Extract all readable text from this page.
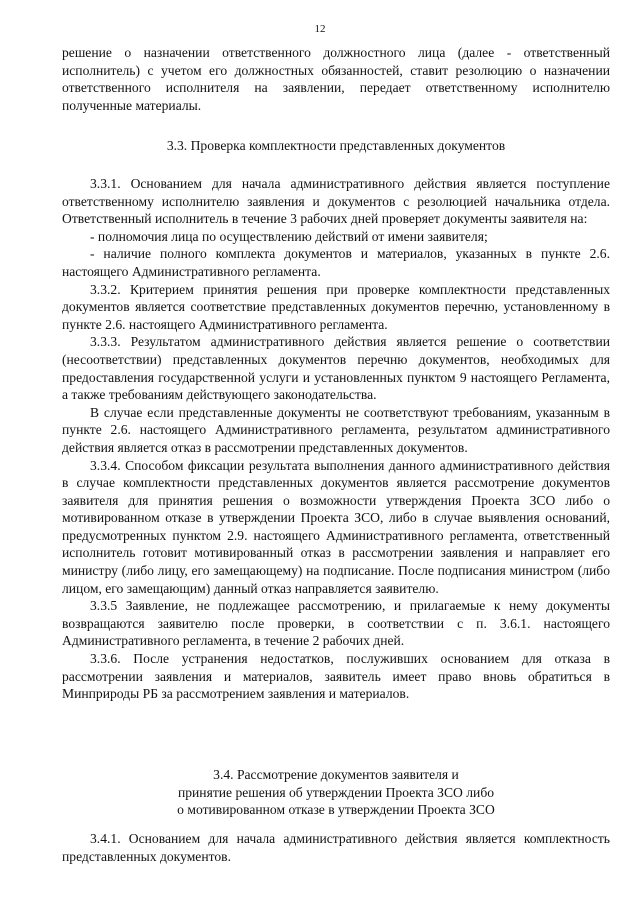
12

решение о назначении ответственного должностного лица (далее - ответственный исполнитель) с учетом его должностных обязанностей, ставит резолюцию о назначении ответственного исполнителя на заявлении, передает ответственному исполнителю полученные материалы.

3.3. Проверка комплектности представленных документов

3.3.1. Основанием для начала административного действия является поступление ответственному исполнителю заявления и документов с резолюцией начальника отдела. Ответственный исполнитель в течение 3 рабочих дней проверяет документы заявителя на:

- полномочия лица по осуществлению действий от имени заявителя;

- наличие полного комплекта документов и материалов, указанных в пункте 2.6. настоящего Административного регламента.

3.3.2. Критерием принятия решения при проверке комплектности представленных документов является соответствие представленных документов перечню, установленному в пункте 2.6. настоящего Административного регламента.

3.3.3. Результатом административного действия является решение о соответствии (несоответствии) представленных документов перечню документов, необходимых для предоставления государственной услуги и установленных пунктом 9 настоящего Регламента, а также требованиям действующего законодательства.

В случае если представленные документы не соответствуют требованиям, указанным в пункте 2.6. настоящего Административного регламента, результатом административного действия является отказ в рассмотрении представленных документов.

3.3.4. Способом фиксации результата выполнения данного административного действия в случае комплектности представленных документов является рассмотрение документов заявителя для принятия решения о возможности утверждения Проекта ЗСО либо о мотивированном отказе в утверждении Проекта ЗСО, либо в случае выявления оснований, предусмотренных пунктом 2.9. настоящего Административного регламента, ответственный исполнитель готовит мотивированный отказ в рассмотрении заявления и направляет его министру (либо лицу, его замещающему) на подписание. После подписания министром (либо лицом, его замещающим) данный отказ направляется заявителю.

3.3.5 Заявление, не подлежащее рассмотрению, и прилагаемые к нему документы возвращаются заявителю после проверки, в соответствии с п. 3.6.1. настоящего Административного регламента, в течение 2 рабочих дней.

3.3.6. После устранения недостатков, послуживших основанием для отказа в рассмотрении заявления и материалов, заявитель имеет право вновь обратиться в Минприроды РБ за рассмотрением заявления и материалов.

3.4. Рассмотрение документов заявителя и

принятие решения об утверждении Проекта ЗСО либо

о мотивированном отказе в утверждении Проекта ЗСО

3.4.1. Основанием для начала административного действия является комплектность представленных документов.
